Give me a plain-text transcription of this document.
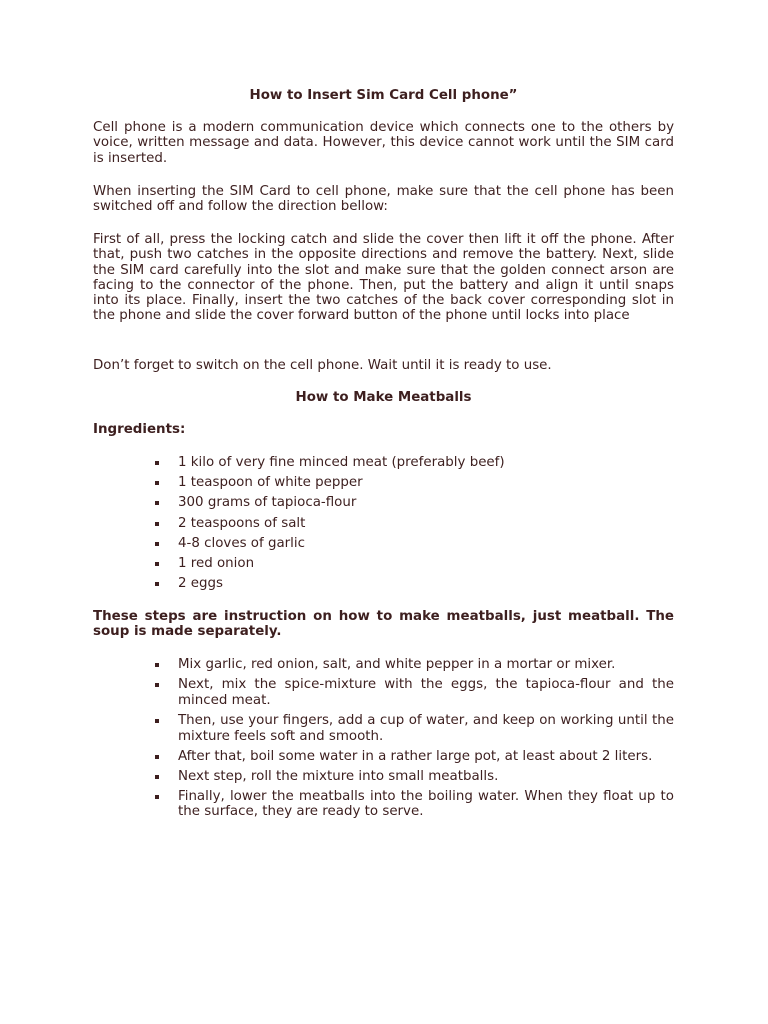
How to Insert Sim Card Cell phone”

Cell phone is a modern communication device which connects one to the others by voice, written message and data. However, this device cannot work until the SIM card is inserted.

When inserting the SIM Card to cell phone, make sure that the cell phone has been switched off and follow the direction bellow:

First of all, press the locking catch and slide the cover then lift it off the phone. After that, push two catches in the opposite directions and remove the battery. Next, slide the SIM card carefully into the slot and make sure that the golden connect arson are facing to the connector of the phone. Then, put the battery and align it until snaps into its place. Finally, insert the two catches of the back cover corresponding slot in the phone and slide the cover forward button of the phone until locks into place

Don’t forget to switch on the cell phone. Wait until it is ready to use.

How to Make Meatballs

Ingredients:

1 kilo of very fine minced meat (preferably beef)
1 teaspoon of white pepper
300 grams of tapioca-flour
2 teaspoons of salt
4-8 cloves of garlic
1 red onion
2 eggs

These steps are instruction on how to make meatballs, just meatball. The soup is made separately.

Mix garlic, red onion, salt, and white pepper in a mortar or mixer.
Next, mix the spice-mixture with the eggs, the tapioca-flour and the minced meat.
Then, use your fingers, add a cup of water, and keep on working until the mixture feels soft and smooth.
After that, boil some water in a rather large pot, at least about 2 liters.
Next step, roll the mixture into small meatballs.
Finally, lower the meatballs into the boiling water. When they float up to the surface, they are ready to serve.
